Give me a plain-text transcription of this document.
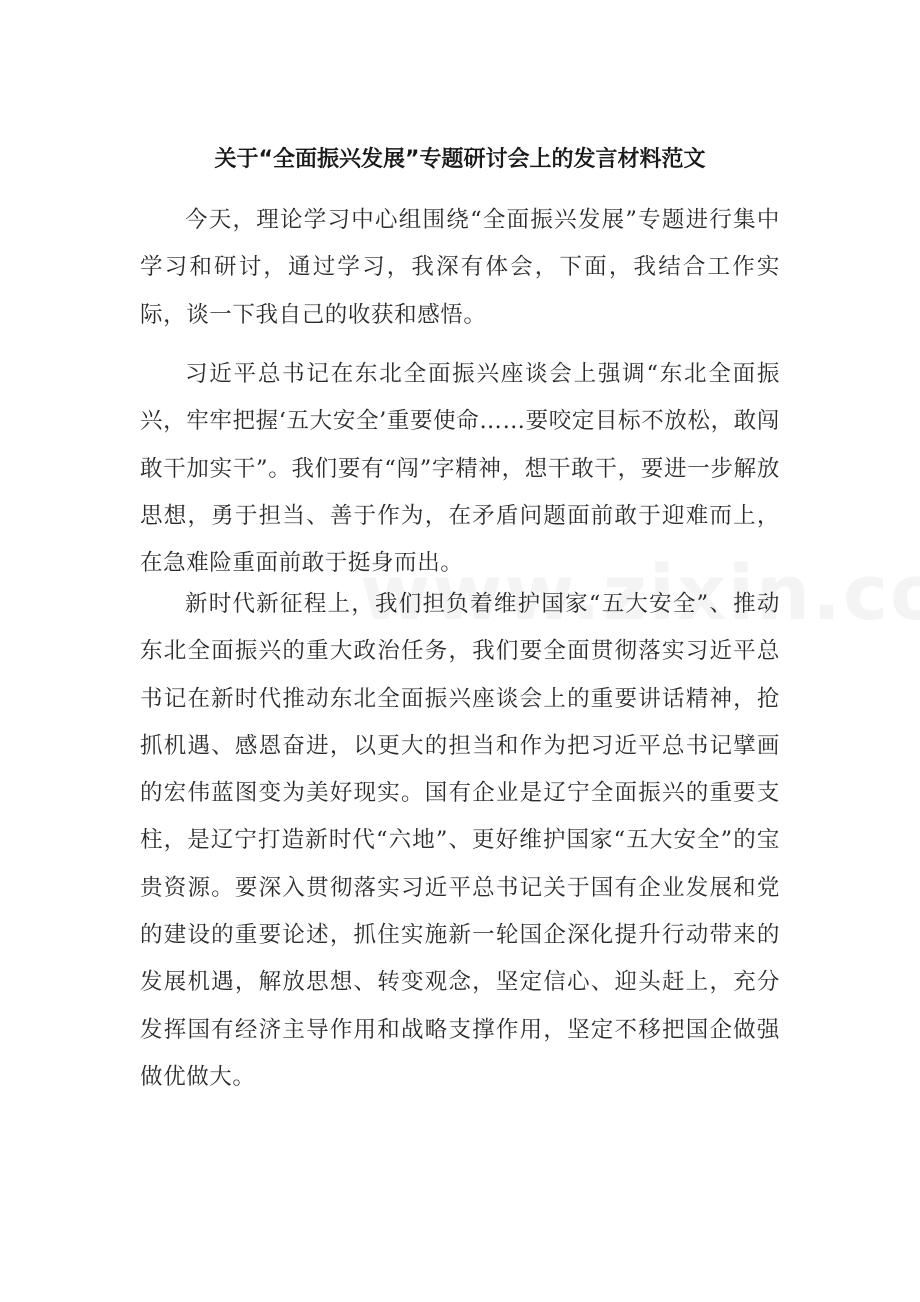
关于“全面振兴发展”专题研讨会上的发言材料范文

今天，理论学习中心组围绕“全面振兴发展”专题进行集中学习和研讨，通过学习，我深有体会，下面，我结合工作实际，谈一下我自己的收获和感悟。

习近平总书记在东北全面振兴座谈会上强调“东北全面振兴，牢牢把握‘五大安全’重要使命……要咬定目标不放松，敢闯敢干加实干”。我们要有“闯”字精神，想干敢干，要进一步解放思想，勇于担当、善于作为，在矛盾问题面前敢于迎难而上，在急难险重面前敢于挺身而出。

新时代新征程上，我们担负着维护国家“五大安全”、推动东北全面振兴的重大政治任务，我们要全面贯彻落实习近平总书记在新时代推动东北全面振兴座谈会上的重要讲话精神，抢抓机遇、感恩奋进，以更大的担当和作为把习近平总书记擘画的宏伟蓝图变为美好现实。国有企业是辽宁全面振兴的重要支柱，是辽宁打造新时代“六地”、更好维护国家“五大安全”的宝贵资源。要深入贯彻落实习近平总书记关于国有企业发展和党的建设的重要论述，抓住实施新一轮国企深化提升行动带来的发展机遇，解放思想、转变观念，坚定信心、迎头赶上，充分发挥国有经济主导作用和战略支撑作用，坚定不移把国企做强做优做大。
